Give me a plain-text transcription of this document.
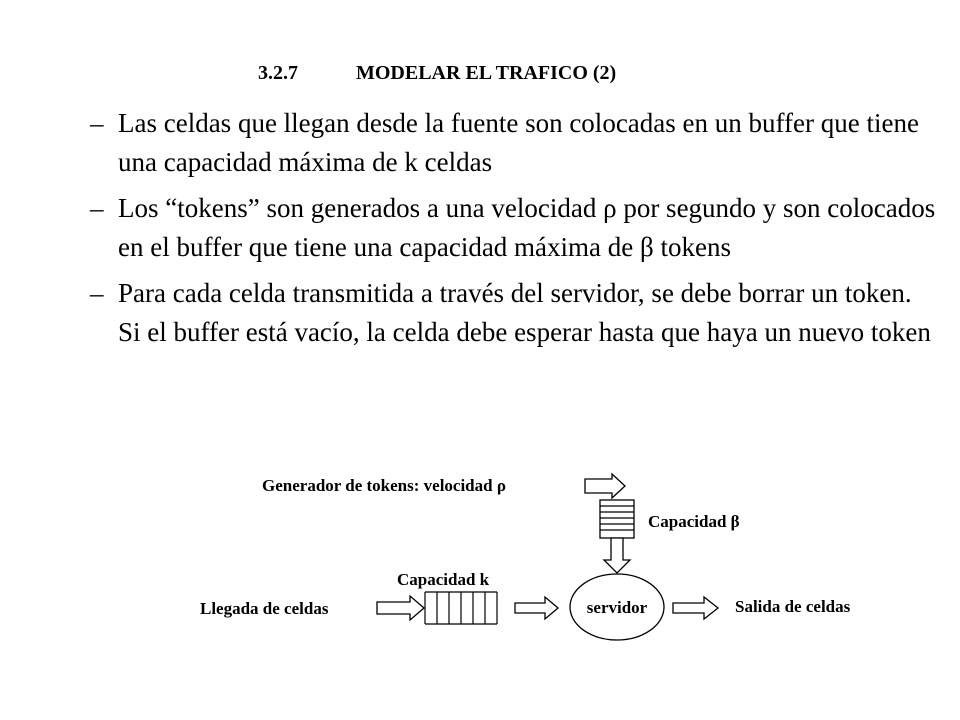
3.2.7	MODELAR EL TRAFICO (2)
– Las celdas que llegan desde la fuente son colocadas en un buffer que tiene una capacidad máxima de k celdas
– Los “tokens” son generados a una velocidad ρ por segundo y son colocados en el buffer que tiene una capacidad máxima de β tokens
– Para cada celda transmitida a través del servidor, se debe borrar un token. Si el buffer está vacío, la celda debe esperar hasta que haya un nuevo token
Generador de tokens: velocidad ρ
Capacidad β
Capacidad k
Llegada de celdas	servidor	Salida de celdas
